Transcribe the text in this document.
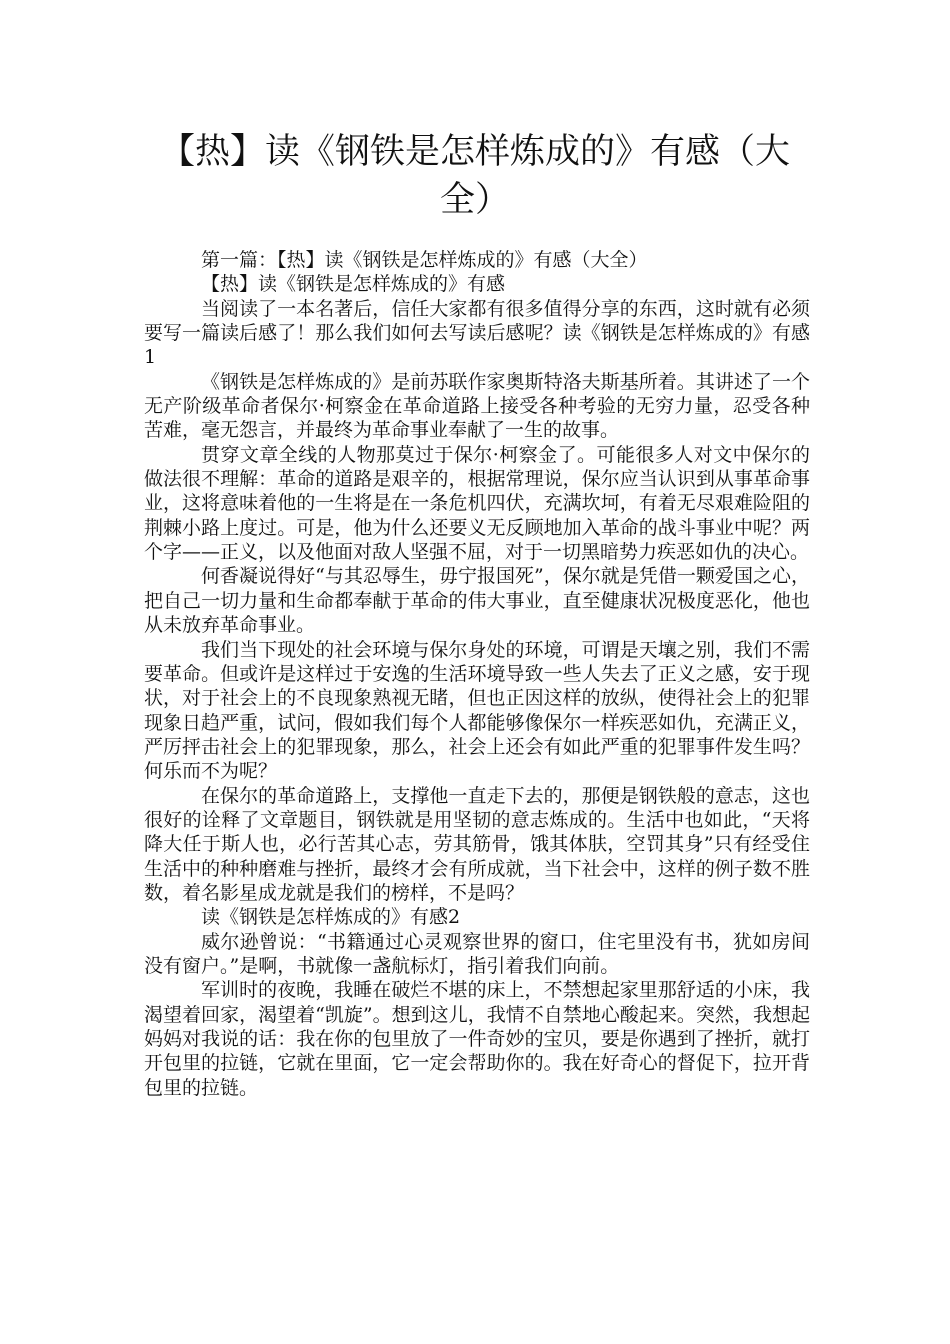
【热】读《钢铁是怎样炼成的》有感（大全）

第一篇：【热】读《钢铁是怎样炼成的》有感（大全）

【热】读《钢铁是怎样炼成的》有感

当阅读了一本名著后，信任大家都有很多值得分享的东西，这时就有必须要写一篇读后感了！那么我们如何去写读后感呢？读《钢铁是怎样炼成的》有感1

《钢铁是怎样炼成的》是前苏联作家奥斯特洛夫斯基所着。其讲述了一个无产阶级革命者保尔·柯察金在革命道路上接受各种考验的无穷力量，忍受各种苦难，毫无怨言，并最终为革命事业奉献了一生的故事。

贯穿文章全线的人物那莫过于保尔·柯察金了。可能很多人对文中保尔的做法很不理解：革命的道路是艰辛的，根据常理说，保尔应当认识到从事革命事业，这将意味着他的一生将是在一条危机四伏，充满坎坷，有着无尽艰难险阻的荆棘小路上度过。可是，他为什么还要义无反顾地加入革命的战斗事业中呢？两个字——正义，以及他面对敌人坚强不屈，对于一切黑暗势力疾恶如仇的决心。

何香凝说得好“与其忍辱生，毋宁报国死”，保尔就是凭借一颗爱国之心，把自己一切力量和生命都奉献于革命的伟大事业，直至健康状况极度恶化，他也从未放弃革命事业。

我们当下现处的社会环境与保尔身处的环境，可谓是天壤之别，我们不需要革命。但或许是这样过于安逸的生活环境导致一些人失去了正义之感，安于现状，对于社会上的不良现象熟视无睹，但也正因这样的放纵，使得社会上的犯罪现象日趋严重，试问，假如我们每个人都能够像保尔一样疾恶如仇，充满正义，严厉抨击社会上的犯罪现象，那么，社会上还会有如此严重的犯罪事件发生吗？何乐而不为呢？

在保尔的革命道路上，支撑他一直走下去的，那便是钢铁般的意志，这也很好的诠释了文章题目，钢铁就是用坚韧的意志炼成的。生活中也如此，“天将降大任于斯人也，必行苦其心志，劳其筋骨，饿其体肤，空罚其身”只有经受住生活中的种种磨难与挫折，最终才会有所成就，当下社会中，这样的例子数不胜数，着名影星成龙就是我们的榜样，不是吗？

读《钢铁是怎样炼成的》有感2

威尔逊曾说：“书籍通过心灵观察世界的窗口，住宅里没有书，犹如房间没有窗户。”是啊，书就像一盏航标灯，指引着我们向前。

军训时的夜晚，我睡在破烂不堪的床上，不禁想起家里那舒适的小床，我渴望着回家，渴望着“凯旋”。想到这儿，我情不自禁地心酸起来。突然，我想起妈妈对我说的话：我在你的包里放了一件奇妙的宝贝，要是你遇到了挫折，就打开包里的拉链，它就在里面，它一定会帮助你的。我在好奇心的督促下，拉开背包里的拉链。
